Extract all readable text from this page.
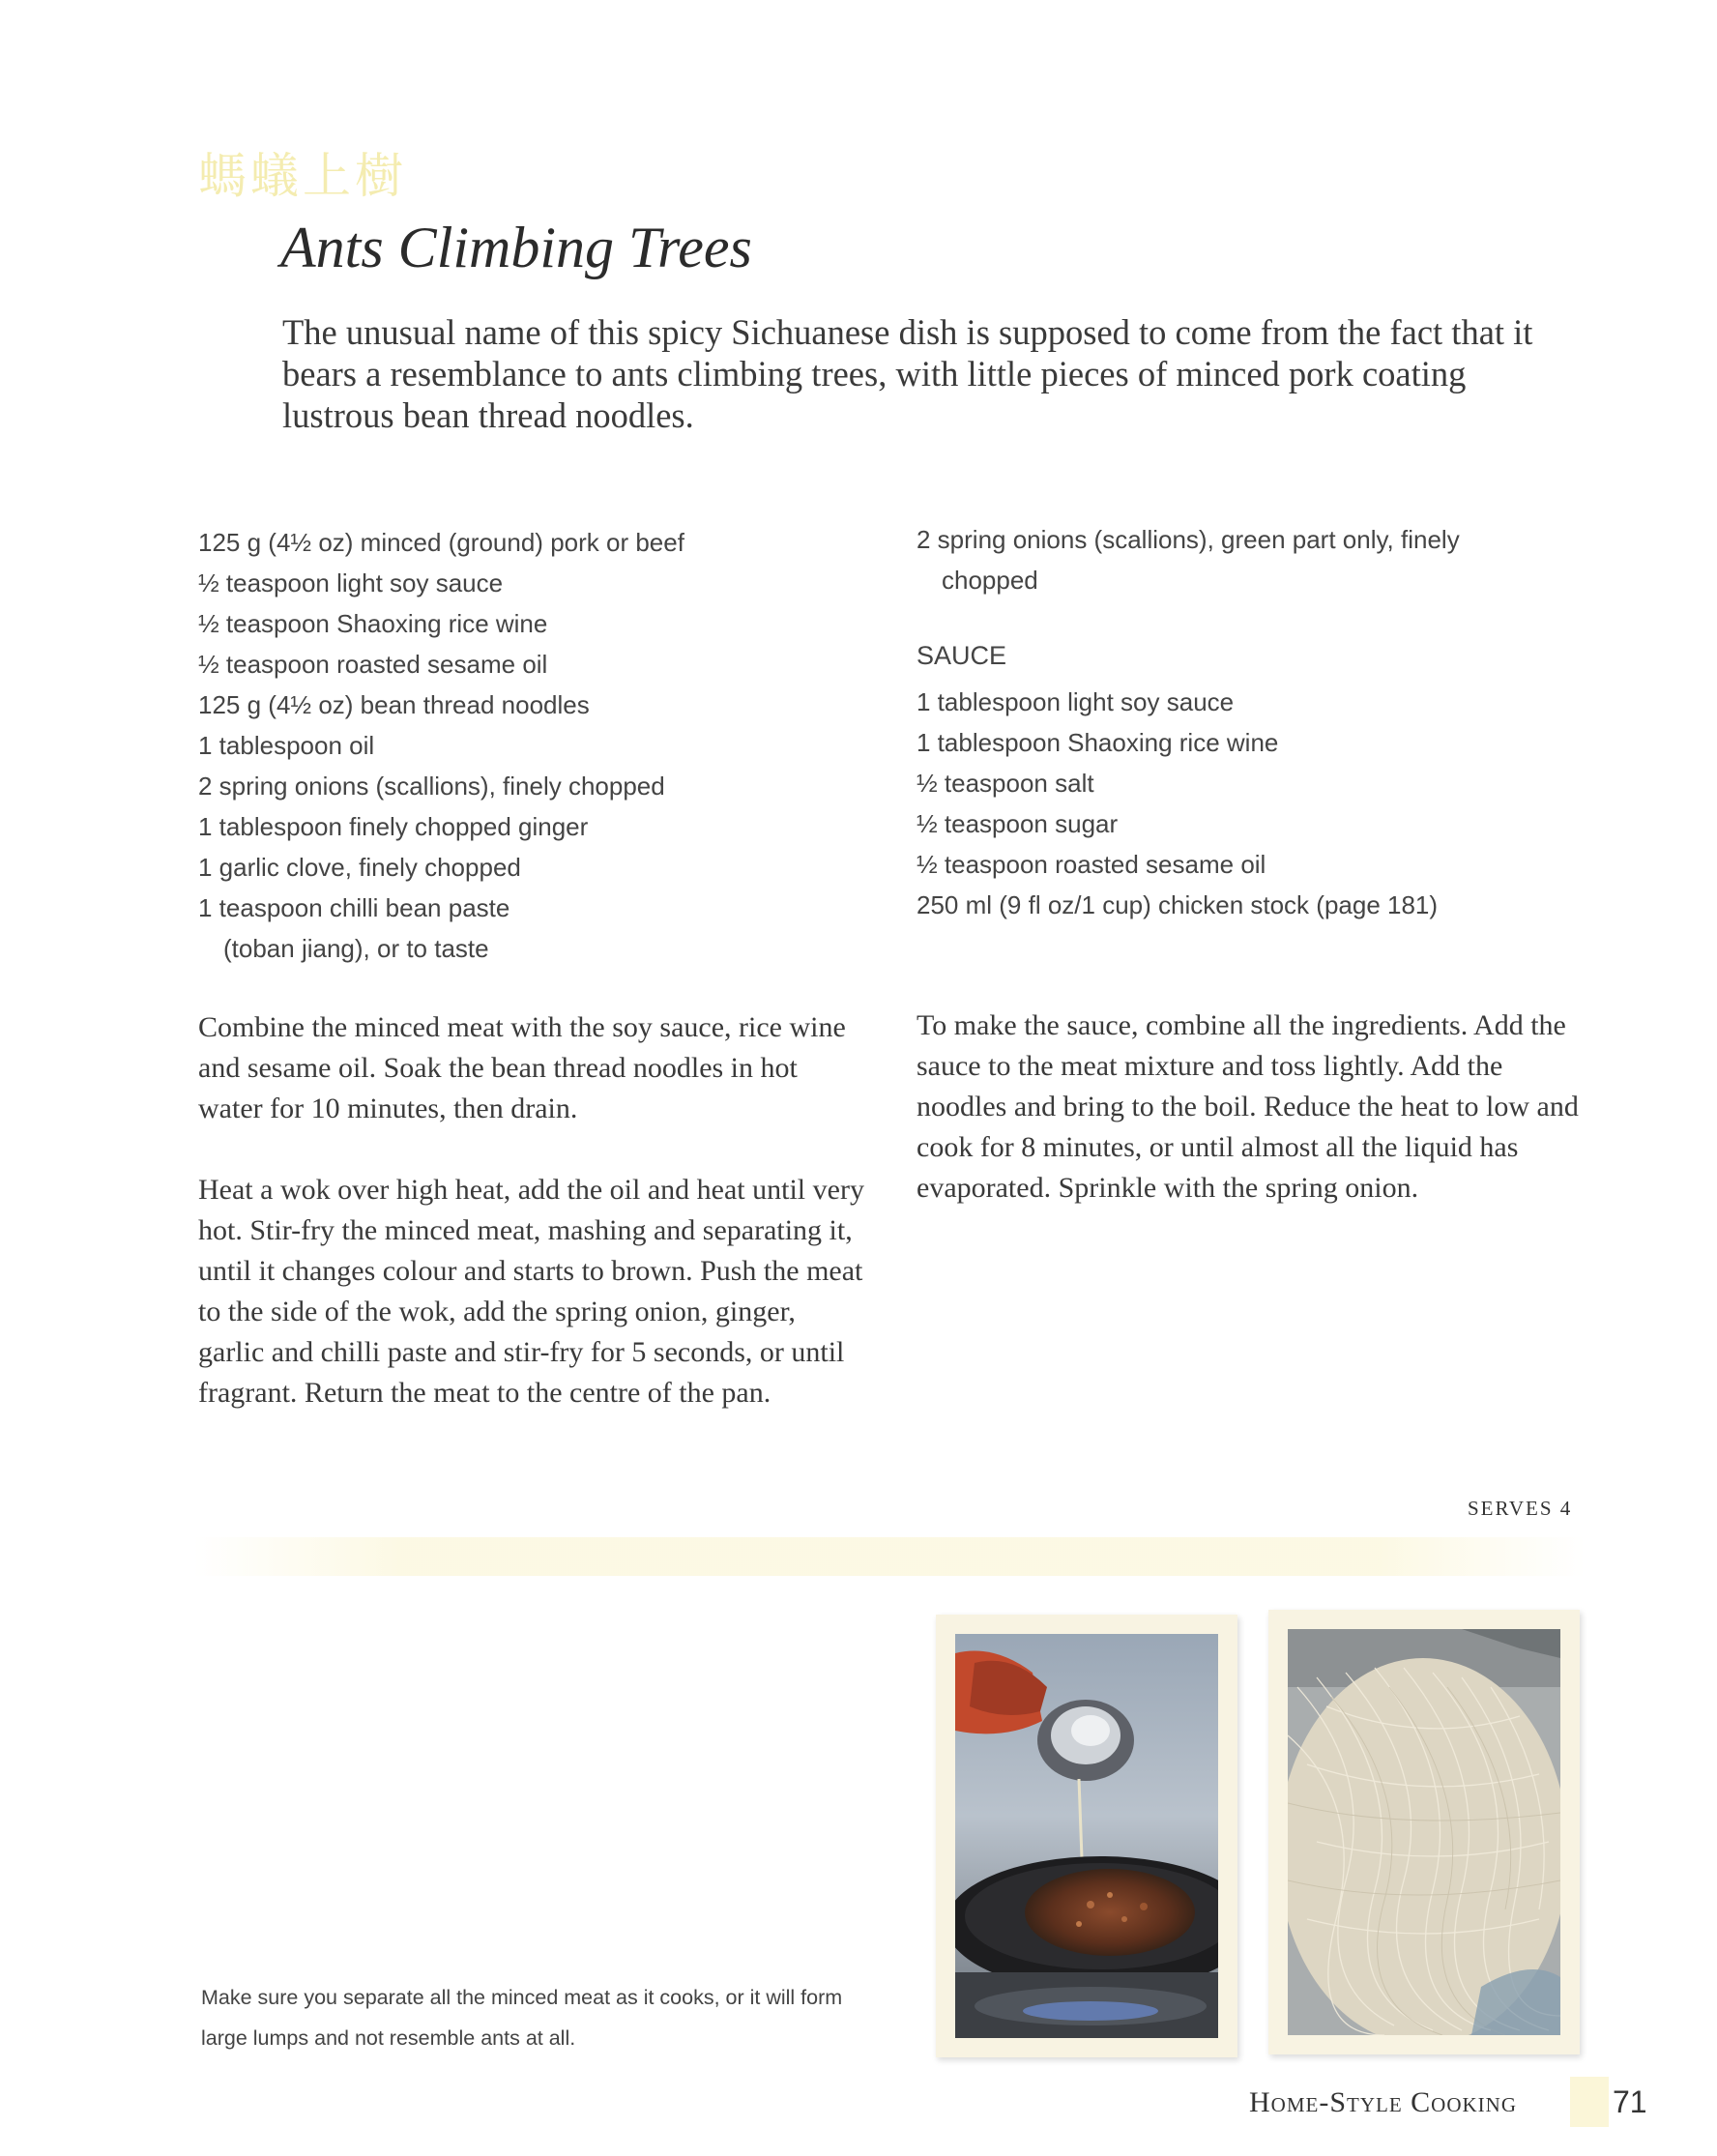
螞蟻上樹
Ants Climbing Trees

The unusual name of this spicy Sichuanese dish is supposed to come from the fact that it bears a resemblance to ants climbing trees, with little pieces of minced pork coating lustrous bean thread noodles.

125 g (4½ oz) minced (ground) pork or beef
½ teaspoon light soy sauce
½ teaspoon Shaoxing rice wine
½ teaspoon roasted sesame oil
125 g (4½ oz) bean thread noodles
1 tablespoon oil
2 spring onions (scallions), finely chopped
1 tablespoon finely chopped ginger
1 garlic clove, finely chopped
1 teaspoon chilli bean paste
(toban jiang), or to taste
2 spring onions (scallions), green part only, finely
chopped
SAUCE
1 tablespoon light soy sauce
1 tablespoon Shaoxing rice wine
½ teaspoon salt
½ teaspoon sugar
½ teaspoon roasted sesame oil
250 ml (9 fl oz/1 cup) chicken stock (page 181)

Combine the minced meat with the soy sauce, rice wine and sesame oil. Soak the bean thread noodles in hot water for 10 minutes, then drain.

Heat a wok over high heat, add the oil and heat until very hot. Stir-fry the minced meat, mashing and separating it, until it changes colour and starts to brown. Push the meat to the side of the wok, add the spring onion, ginger, garlic and chilli paste and stir-fry for 5 seconds, or until fragrant. Return the meat to the centre of the pan.

To make the sauce, combine all the ingredients. Add the sauce to the meat mixture and toss lightly. Add the noodles and bring to the boil. Reduce the heat to low and cook for 8 minutes, or until almost all the liquid has evaporated. Sprinkle with the spring onion.

SERVES 4

Make sure you separate all the minced meat as it cooks, or it will form large lumps and not resemble ants at all.

Home-Style Cooking	71
